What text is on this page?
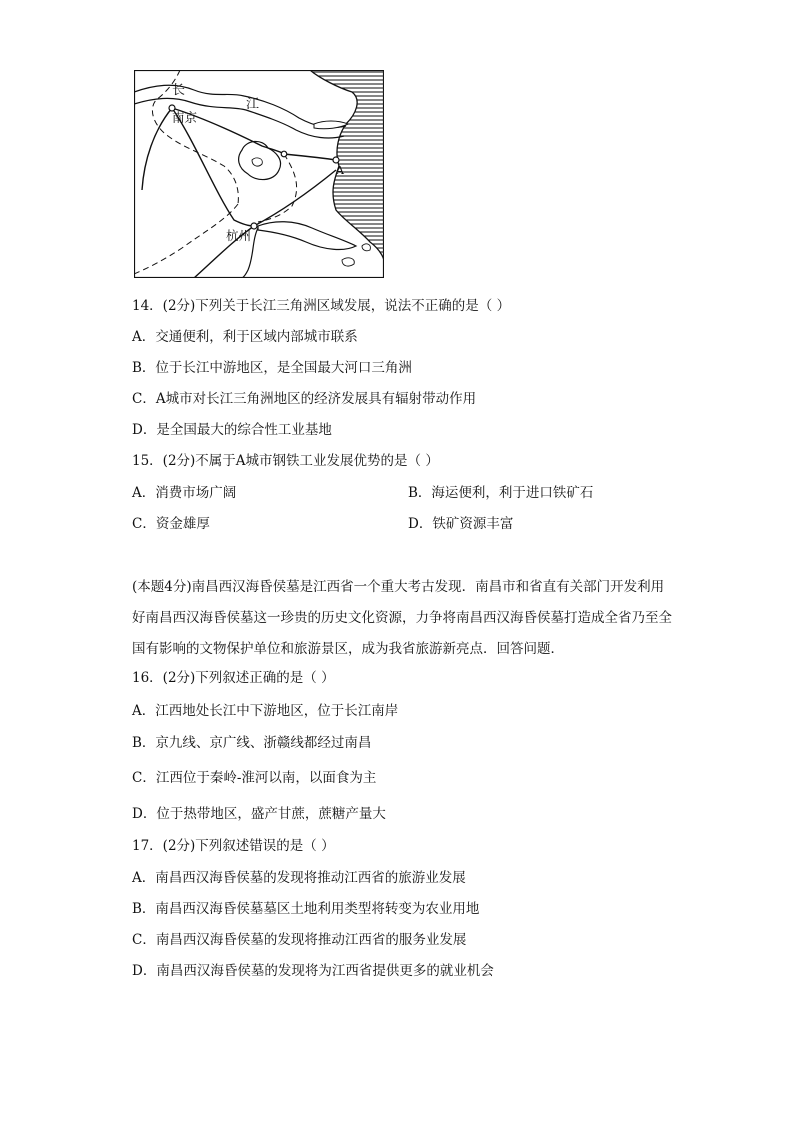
长
江
南京
杭州
A
14．(2分)下列关于长江三角洲区域发展，说法不正确的是（ ）
A．交通便利，利于区域内部城市联系
B．位于长江中游地区，是全国最大河口三角洲
C．A城市对长江三角洲地区的经济发展具有辐射带动作用
D．是全国最大的综合性工业基地
15．(2分)不属于A城市钢铁工业发展优势的是（ ）
A．消费市场广阔	B．海运便利，利于进口铁矿石
C．资金雄厚	D．铁矿资源丰富
(本题4分)南昌西汉海昏侯墓是江西省一个重大考古发现．南昌市和省直有关部门开发利用好南昌西汉海昏侯墓这一珍贵的历史文化资源，力争将南昌西汉海昏侯墓打造成全省乃至全国有影响的文物保护单位和旅游景区，成为我省旅游新亮点．回答问题．
16．(2分)下列叙述正确的是（ ）
A．江西地处长江中下游地区，位于长江南岸
B．京九线、京广线、浙赣线都经过南昌
C．江西位于秦岭-淮河以南，以面食为主
D．位于热带地区，盛产甘蔗，蔗糖产量大
17．(2分)下列叙述错误的是（ ）
A．南昌西汉海昏侯墓的发现将推动江西省的旅游业发展
B．南昌西汉海昏侯墓墓区土地利用类型将转变为农业用地
C．南昌西汉海昏侯墓的发现将推动江西省的服务业发展
D．南昌西汉海昏侯墓的发现将为江西省提供更多的就业机会
